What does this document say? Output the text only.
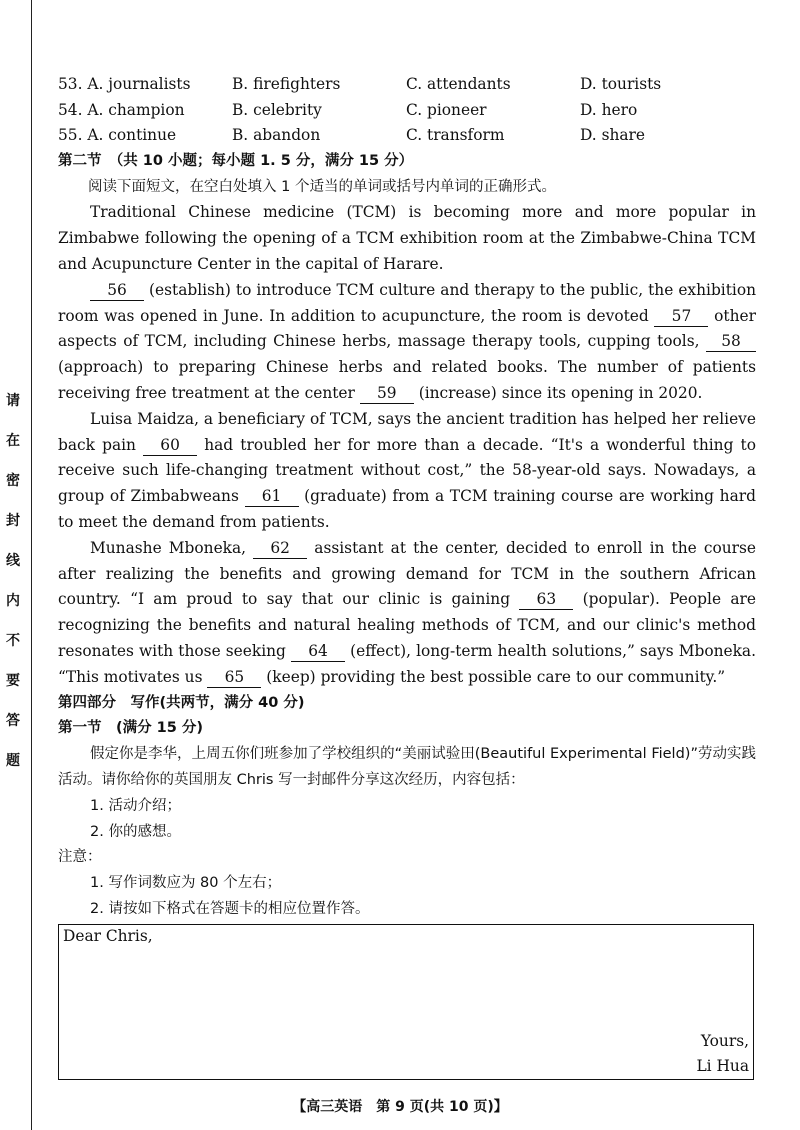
请
在
密
封
线
内
不
要
答
题
53. A. journalists	B. firefighters	C. attendants	D. tourists
54. A. champion	B. celebrity	C. pioneer	D. hero
55. A. continue	B. abandon	C. transform	D. share
第二节　（共 10 小题；每小题 1. 5 分，满分 15 分）
阅读下面短文，在空白处填入 1 个适当的单词或括号内单词的正确形式。
Traditional Chinese medicine (TCM) is becoming more and more popular in Zimbabwe following the opening of a TCM exhibition room at the Zimbabwe-China TCM and Acupuncture Center in the capital of Harare.
56 (establish) to introduce TCM culture and therapy to the public, the exhibition room was opened in June. In addition to acupuncture, the room is devoted 57 other aspects of TCM, including Chinese herbs, massage therapy tools, cupping tools, 58 (approach) to preparing Chinese herbs and related books. The number of patients receiving free treatment at the center 59 (increase) since its opening in 2020.
Luisa Maidza, a beneficiary of TCM, says the ancient tradition has helped her relieve back pain 60 had troubled her for more than a decade. “It's a wonderful thing to receive such life-changing treatment without cost,” the 58-year-old says. Nowadays, a group of Zimbabweans 61 (graduate) from a TCM training course are working hard to meet the demand from patients.
Munashe Mboneka, 62 assistant at the center, decided to enroll in the course after realizing the benefits and growing demand for TCM in the southern African country. “I am proud to say that our clinic is gaining 63 (popular). People are recognizing the benefits and natural healing methods of TCM, and our clinic's method resonates with those seeking 64 (effect), long-term health solutions,” says Mboneka. “This motivates us 65 (keep) providing the best possible care to our community.”
第四部分　写作(共两节，满分 40 分)
第一节　(满分 15 分)
假定你是李华，上周五你们班参加了学校组织的“美丽试验田(Beautiful Experimental Field)”劳动实践活动。请你给你的英国朋友 Chris 写一封邮件分享这次经历，内容包括：
1. 活动介绍；
2. 你的感想。
注意：
1. 写作词数应为 80 个左右；
2. 请按如下格式在答题卡的相应位置作答。
Dear Chris,
Yours,
Li Hua
【高三英语　第 9 页(共 10 页)】
